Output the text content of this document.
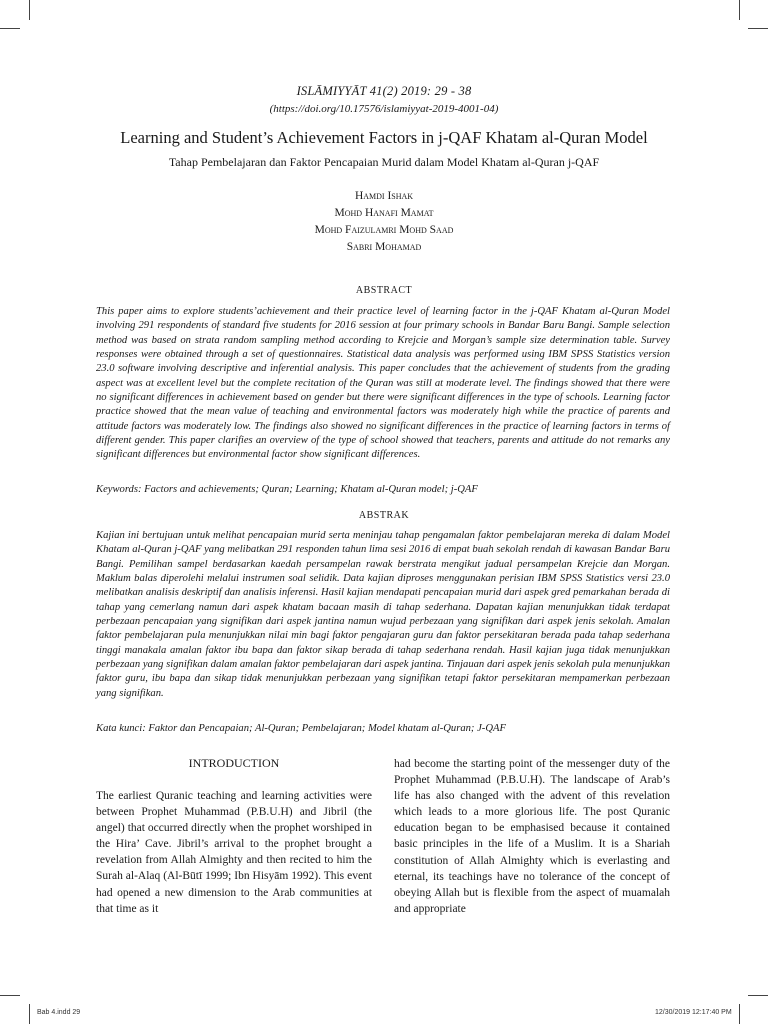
ISLĀMIYYĀT 41(2) 2019: 29 - 38
(https://doi.org/10.17576/islamiyyat-2019-4001-04)
Learning and Student’s Achievement Factors in j-QAF Khatam al-Quran Model
Tahap Pembelajaran dan Faktor Pencapaian Murid dalam Model Khatam al-Quran j-QAF
Hamdi Ishak
Mohd Hanafi Mamat
Mohd Faizulamri Mohd Saad
Sabri Mohamad
ABSTRACT

This paper aims to explore students’achievement and their practice level of learning factor in the j-QAF Khatam al-Quran Model involving 291 respondents of standard five students for 2016 session at four primary schools in Bandar Baru Bangi. Sample selection method was based on strata random sampling method according to Krejcie and Morgan’s sample size determination table. Survey responses were obtained through a set of questionnaires. Statistical data analysis was performed using IBM SPSS Statistics version 23.0 software involving descriptive and inferential analysis. This paper concludes that the achievement of students from the grading aspect was at excellent level but the complete recitation of the Quran was still at moderate level. The findings showed that there were no significant differences in achievement based on gender but there were significant differences in the type of schools. Learning factor practice showed that the mean value of teaching and environmental factors was moderately high while the practice of parents and attitude factors was moderately low. The findings also showed no significant differences in the practice of learning factors in terms of different gender. This paper clarifies an overview of the type of school showed that teachers, parents and attitude do not remarks any significant differences but environmental factor show significant differences.

Keywords: Factors and achievements; Quran; Learning; Khatam al-Quran model; j-QAF
ABSTRAK

Kajian ini bertujuan untuk melihat pencapaian murid serta meninjau tahap pengamalan faktor pembelajaran mereka di dalam Model Khatam al-Quran j-QAF yang melibatkan 291 responden tahun lima sesi 2016 di empat buah sekolah rendah di kawasan Bandar Baru Bangi. Pemilihan sampel berdasarkan kaedah persampelan rawak berstrata mengikut jadual persampelan Krejcie dan Morgan. Maklum balas diperolehi melalui instrumen soal selidik. Data kajian diproses menggunakan perisian IBM SPSS Statistics versi 23.0 melibatkan analisis deskriptif dan analisis inferensi. Hasil kajian mendapati pencapaian murid dari aspek gred pemarkahan berada di tahap yang cemerlang namun dari aspek khatam bacaan masih di tahap sederhana. Dapatan kajian menunjukkan tidak terdapat perbezaan pencapaian yang signifikan dari aspek jantina namun wujud perbezaan yang signifikan dari aspek jenis sekolah. Amalan faktor pembelajaran pula menunjukkan nilai min bagi faktor pengajaran guru dan faktor persekitaran berada pada tahap sederhana tinggi manakala amalan faktor ibu bapa dan faktor sikap berada di tahap sederhana rendah. Hasil kajian juga tidak menunjukkan perbezaan yang signifikan dalam amalan faktor pembelajaran dari aspek jantina. Tinjauan dari aspek jenis sekolah pula menunjukkan faktor guru, ibu bapa dan sikap tidak menunjukkan perbezaan yang signifikan tetapi faktor persekitaran mempamerkan perbezaan yang signifikan.

Kata kunci: Faktor dan Pencapaian; Al-Quran; Pembelajaran; Model khatam al-Quran; J-QAF
INTRODUCTION

The earliest Quranic teaching and learning activities were between Prophet Muhammad (P.B.U.H) and Jibril (the angel) that occurred directly when the prophet worshiped in the Hira’ Cave. Jibril’s arrival to the prophet brought a revelation from Allah Almighty and then recited to him the Surah al-Alaq (Al-Būtī 1999; Ibn Hisyām 1992). This event had opened a new dimension to the Arab communities at that time as it

had become the starting point of the messenger duty of the Prophet Muhammad (P.B.U.H). The landscape of Arab’s life has also changed with the advent of this revelation which leads to a more glorious life. The post Quranic education began to be emphasised because it contained basic principles in the life of a Muslim. It is a Shariah constitution of Allah Almighty which is everlasting and eternal, its teachings have no tolerance of the concept of obeying Allah but is flexible from the aspect of muamalah and appropriate

Bab 4.indd 29	12/30/2019 12:17:40 PM
